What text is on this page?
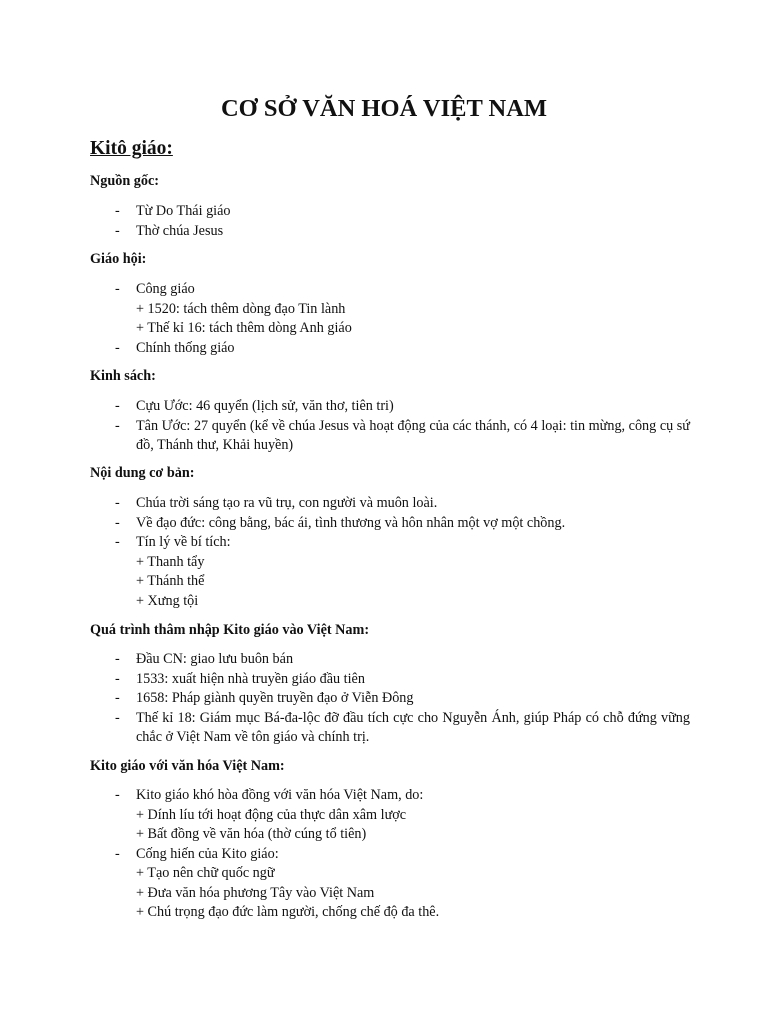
CƠ SỞ VĂN HOÁ VIỆT NAM
Kitô giáo:
Nguồn gốc:
- Từ Do Thái giáo
- Thờ chúa Jesus
Giáo hội:
- Công giáo
+ 1520: tách thêm dòng đạo Tin lành
+ Thế kỉ 16: tách thêm dòng Anh giáo
- Chính thống giáo
Kinh sách:
- Cựu Ước: 46 quyển (lịch sử, văn thơ, tiên tri)
- Tân Ước: 27 quyển (kể về chúa Jesus và hoạt động của các thánh, có 4 loại: tin mừng, công cụ sứ đồ, Thánh thư, Khải huyền)
Nội dung cơ bản:
- Chúa trời sáng tạo ra vũ trụ, con người và muôn loài.
- Về đạo đức: công bằng, bác ái, tình thương và hôn nhân một vợ một chồng.
- Tín lý về bí tích:
+ Thanh tẩy
+ Thánh thể
+ Xưng tội
Quá trình thâm nhập Kito giáo vào Việt Nam:
- Đầu CN: giao lưu buôn bán
- 1533: xuất hiện nhà truyền giáo đầu tiên
- 1658: Pháp giành quyền truyền đạo ở Viễn Đông
- Thế kỉ 18: Giám mục Bá-đa-lộc đỡ đầu tích cực cho Nguyễn Ánh, giúp Pháp có chỗ đứng vững chắc ở Việt Nam về tôn giáo và chính trị.
Kito giáo với văn hóa Việt Nam:
- Kito giáo khó hòa đồng với văn hóa Việt Nam, do:
+ Dính líu tới hoạt động của thực dân xâm lược
+ Bất đồng về văn hóa (thờ cúng tổ tiên)
- Cống hiến của Kito giáo:
+ Tạo nên chữ quốc ngữ
+ Đưa văn hóa phương Tây vào Việt Nam
+ Chú trọng đạo đức làm người, chống chế độ đa thê.
